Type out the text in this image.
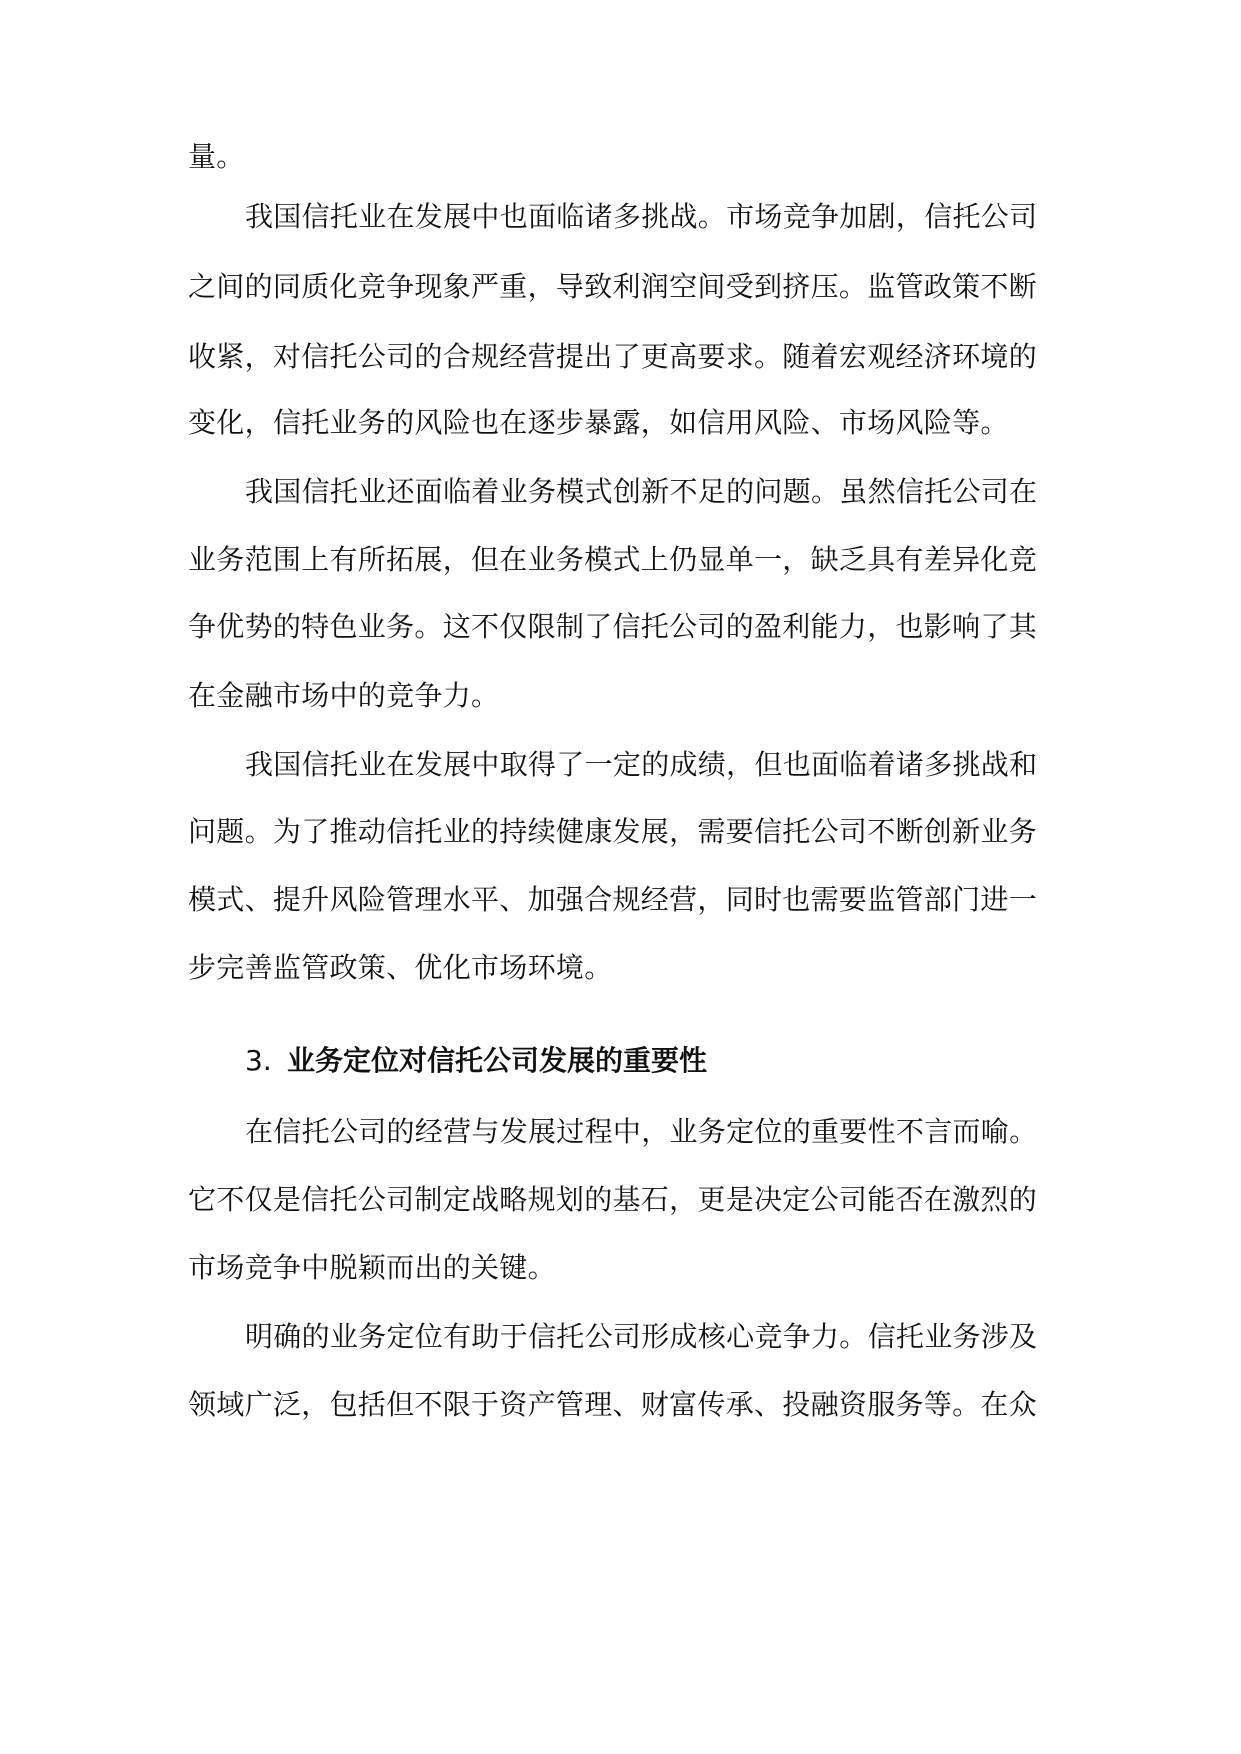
量。
我国信托业在发展中也面临诸多挑战。市场竞争加剧，信托公司
之间的同质化竞争现象严重，导致利润空间受到挤压。监管政策不断
收紧，对信托公司的合规经营提出了更高要求。随着宏观经济环境的
变化，信托业务的风险也在逐步暴露，如信用风险、市场风险等。
我国信托业还面临着业务模式创新不足的问题。虽然信托公司在
业务范围上有所拓展，但在业务模式上仍显单一，缺乏具有差异化竞
争优势的特色业务。这不仅限制了信托公司的盈利能力，也影响了其
在金融市场中的竞争力。
我国信托业在发展中取得了一定的成绩，但也面临着诸多挑战和
问题。为了推动信托业的持续健康发展，需要信托公司不断创新业务
模式、提升风险管理水平、加强合规经营，同时也需要监管部门进一
步完善监管政策、优化市场环境。
3. 业务定位对信托公司发展的重要性
在信托公司的经营与发展过程中，业务定位的重要性不言而喻。
它不仅是信托公司制定战略规划的基石，更是决定公司能否在激烈的
市场竞争中脱颖而出的关键。
明确的业务定位有助于信托公司形成核心竞争力。信托业务涉及
领域广泛，包括但不限于资产管理、财富传承、投融资服务等。在众
